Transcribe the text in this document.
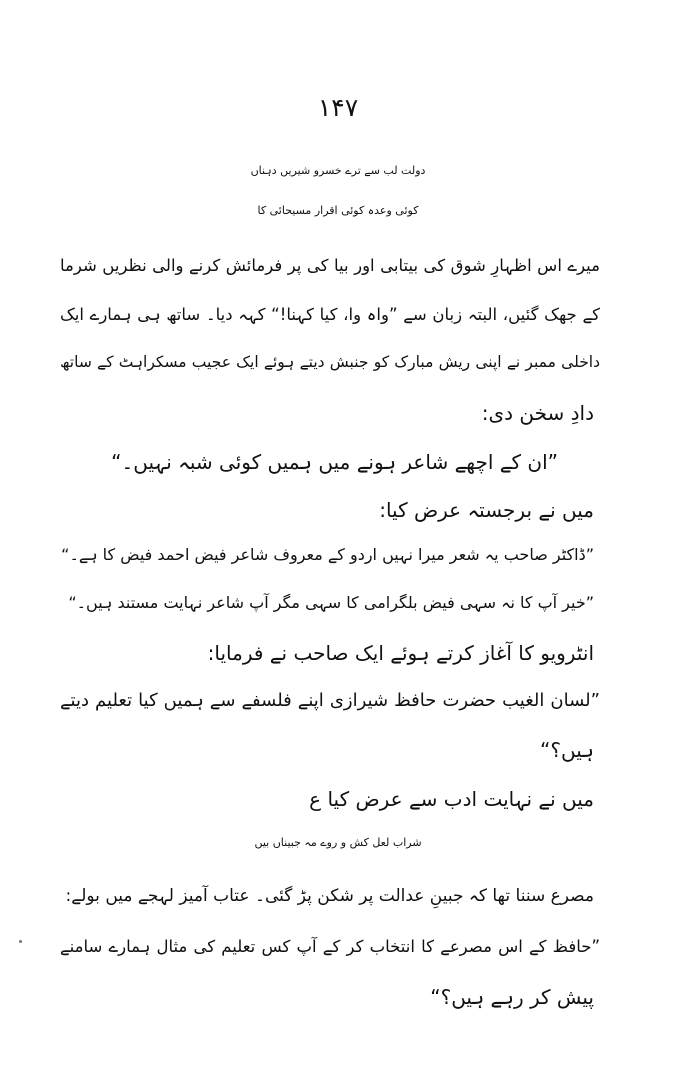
۱۴۷
دولت لب سے ترے خسرو شیریں دہناں
کوئی وعدہ کوئی اقرار مسیحائی کا
میرے اس اظہارِ شوق کی بیتابی اور بیا کی پر فرمائش کرنے والی نظریں شرما
کے جھک گئیں، البتہ زبان سے ”واہ وا، کیا کہنا!“ کہہ دیا۔ ساتھ ہی ہمارے ایک
داخلی ممبر نے اپنی ریش مبارک کو جنبش دیتے ہوئے ایک عجیب مسکراہٹ کے ساتھ
دادِ سخن دی:
”ان کے اچھے شاعر ہونے میں ہمیں کوئی شبہ نہیں۔“
میں نے برجستہ عرض کیا:
”ڈاکٹر صاحب یہ شعر میرا نہیں اردو کے معروف شاعر فیض احمد فیض کا ہے۔“
”خیر آپ کا نہ سہی فیض بلگرامی کا سہی مگر آپ شاعر نہایت مستند ہیں۔“
انٹرویو کا آغاز کرتے ہوئے ایک صاحب نے فرمایا:
”لسان الغیب حضرت حافظ شیرازی اپنے فلسفے سے ہمیں کیا تعلیم دیتے
ہیں؟“
میں نے نہایت ادب سے عرض کیا ع
شراب لعل کش و روے مہ جبیناں بیں
مصرع سننا تھا کہ جبینِ عدالت پر شکن پڑ گئی۔ عتاب آمیز لہجے میں بولے:
”حافظ کے اس مصرعے کا انتخاب کر کے آپ کس تعلیم کی مثال ہمارے سامنے
پیش کر رہے ہیں؟“
